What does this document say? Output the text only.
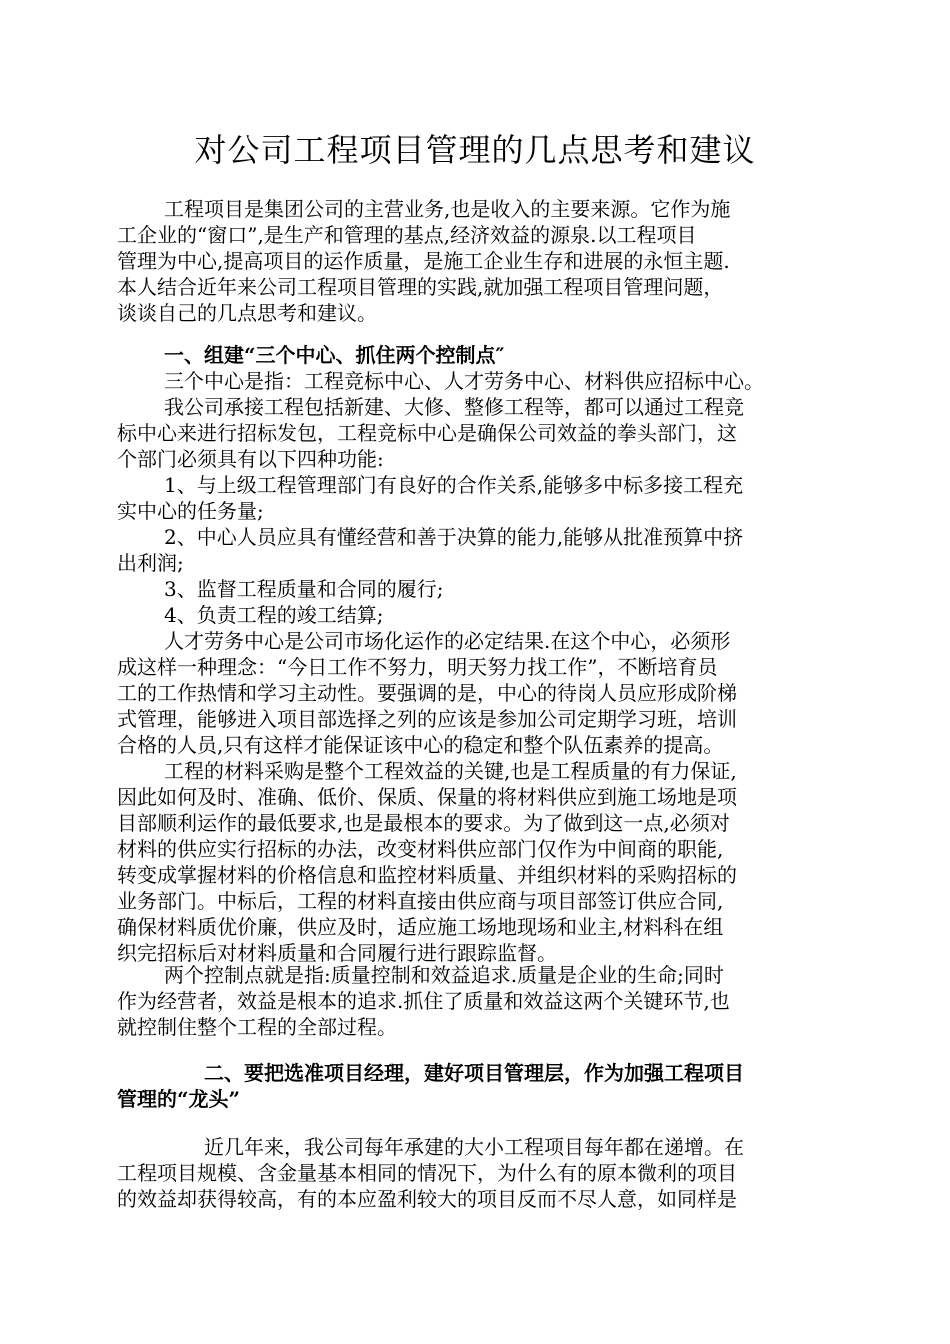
对公司工程项目管理的几点思考和建议
工程项目是集团公司的主营业务,也是收入的主要来源。它作为施
工企业的“窗口”,是生产和管理的基点,经济效益的源泉.以工程项目
管理为中心,提高项目的运作质量，是施工企业生存和进展的永恒主题.
本人结合近年来公司工程项目管理的实践,就加强工程项目管理问题，
谈谈自己的几点思考和建议。
一、组建“三个中心、抓住两个控制点″
三个中心是指：工程竞标中心、人才劳务中心、材料供应招标中心。
我公司承接工程包括新建、大修、整修工程等，都可以通过工程竞
标中心来进行招标发包，工程竞标中心是确保公司效益的拳头部门，这
个部门必须具有以下四种功能:
1、与上级工程管理部门有良好的合作关系,能够多中标多接工程充
实中心的任务量;
2、中心人员应具有懂经营和善于决算的能力,能够从批准预算中挤
出利润;
3、监督工程质量和合同的履行;
4、负责工程的竣工结算;
人才劳务中心是公司市场化运作的必定结果.在这个中心，必须形
成这样一种理念：“今日工作不努力，明天努力找工作”，不断培育员
工的工作热情和学习主动性。要强调的是，中心的待岗人员应形成阶梯
式管理，能够进入项目部选择之列的应该是参加公司定期学习班，培训
合格的人员,只有这样才能保证该中心的稳定和整个队伍素养的提高。
工程的材料采购是整个工程效益的关键,也是工程质量的有力保证,
因此如何及时、准确、低价、保质、保量的将材料供应到施工场地是项
目部顺利运作的最低要求,也是最根本的要求。为了做到这一点,必须对
材料的供应实行招标的办法，改变材料供应部门仅作为中间商的职能,
转变成掌握材料的价格信息和监控材料质量、并组织材料的采购招标的
业务部门。中标后，工程的材料直接由供应商与项目部签订供应合同,
确保材料质优价廉，供应及时，适应施工场地现场和业主,材料科在组
织完招标后对材料质量和合同履行进行跟踪监督。
两个控制点就是指:质量控制和效益追求.质量是企业的生命;同时
作为经营者，效益是根本的追求.抓住了质量和效益这两个关键环节,也
就控制住整个工程的全部过程。
二、要把选准项目经理，建好项目管理层，作为加强工程项目
管理的“龙头”
近几年来，我公司每年承建的大小工程项目每年都在递增。在
工程项目规模、含金量基本相同的情况下，为什么有的原本微利的项目
的效益却获得较高，有的本应盈利较大的项目反而不尽人意，如同样是
